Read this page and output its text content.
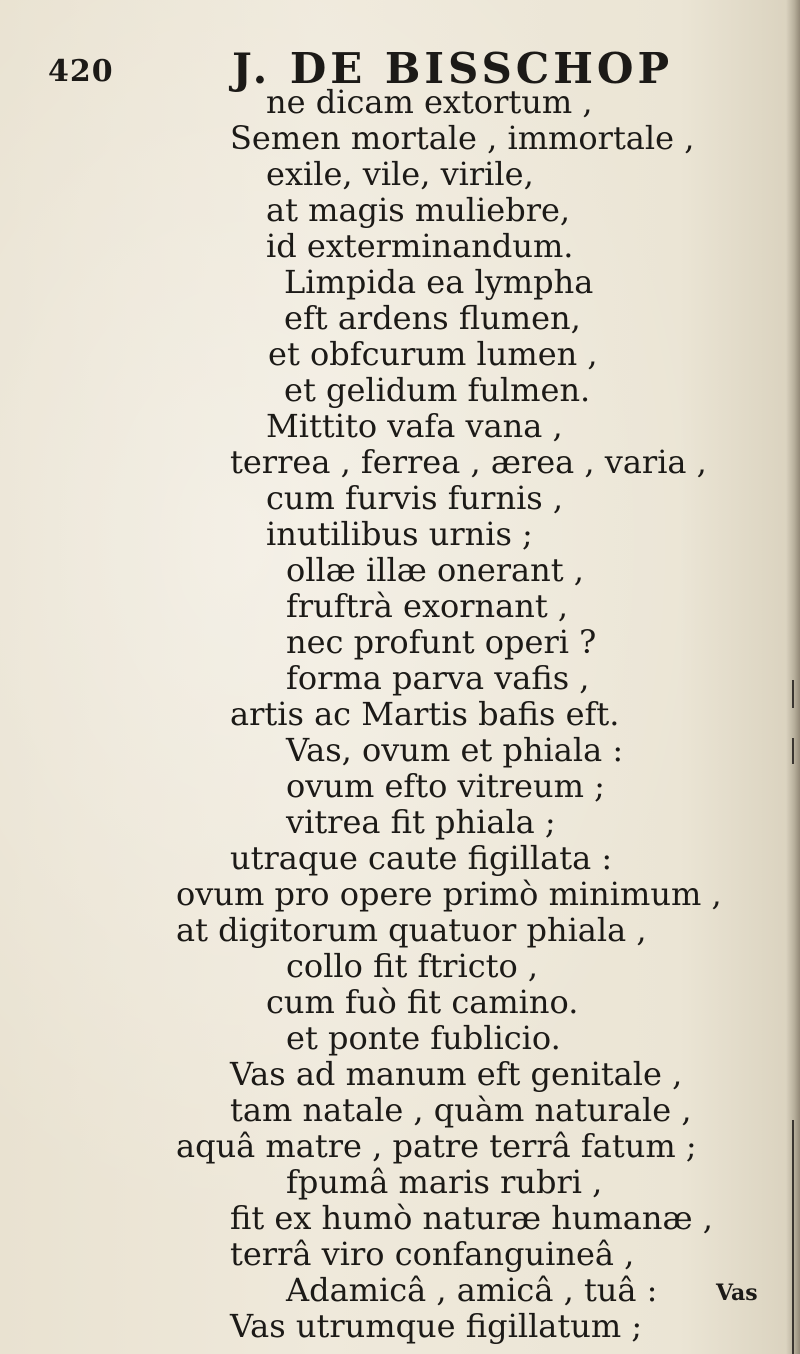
420	J. DE BISSCHOP
ne dicam extortum ,
Semen mortale , immortale ,
exile, vile, virile,
at magis muliebre,
id exterminandum.
Limpida ea lympha
eft ardens flumen,
et obfcurum lumen ,
et gelidum fulmen.
Mittito vafa vana ,
terrea , ferrea , ærea , varia ,
cum furvis furnis ,
inutilibus urnis ;
ollæ illæ onerant ,
fruftrà exornant ,
nec profunt operi ?
forma parva vafis ,
artis ac Martis bafis eft.
Vas, ovum et phiala :
ovum efto vitreum ;
vitrea fit phiala ;
utraque caute figillata :
ovum pro opere primò minimum ,
at digitorum quatuor phiala ,
collo fit ftricto ,
cum fuò fit camino.
et ponte fublicio.
Vas ad manum eft genitale ,
tam natale , quàm naturale ,
aquâ matre , patre terrâ fatum ;
fpumâ maris rubri ,
fit ex humò naturæ humanæ ,
terrâ viro confanguineâ ,
Adamicâ , amicâ , tuâ :
Vas utrumque figillatum ;
Vas
